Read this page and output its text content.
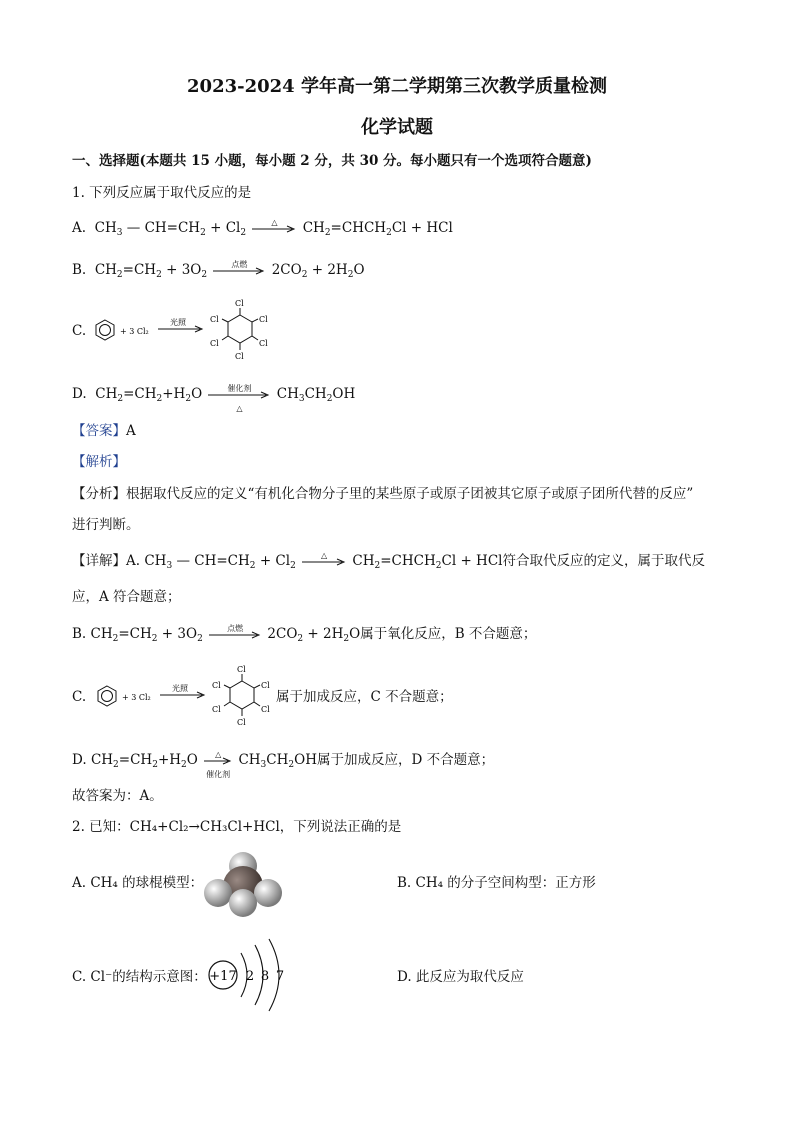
2023-2024 学年高一第二学期第三次教学质量检测
化学试题
一、选择题(本题共 15 小题，每小题 2 分，共 30 分。每小题只有一个选项符合题意)
1. 下列反应属于取代反应的是
A. $CH_3$ — $CH=CH_2 + Cl_2$
△	$CH_2=CHCH_2Cl$ + HCl
B. $CH_2=CH_2 + 3O_2$
点燃	$2CO_2 + 2H_2O$
C.	+ 3 Cl₂
光照
Cl
Cl
Cl
Cl
Cl
Cl
D. $CH_2=CH_2+H_2O$	催化剂
△
$CH_3CH_2OH$
【答案】A
【解析】
【分析】根据取代反应的定义“有机化合物分子里的某些原子或原子团被其它原子或原子团所代替的反应”
进行判断。
【详解】A. $CH_3$ — $CH=CH_2 + Cl_2$
△	$CH_2=CHCH_2Cl$ + HCl符合取代反应的定义，属于取代反
应，A 符合题意；
B. $CH_2=CH_2 + 3O_2$
点燃	$2CO_2 + 2H_2O$属于氧化反应，B 不合题意；
C.	+ 3 Cl₂
光照
Cl
Cl
Cl
Cl
Cl
Cl
属于加成反应，C 不合题意；
D. $CH_2=CH_2+H_2O$	△
催化剂
$CH_3CH_2OH$属于加成反应，D 不合题意；
故答案为：A。
2. 已知：CH₄+Cl₂→CH₃Cl+HCl，下列说法正确的是
A. CH₄ 的球棍模型：	B. CH₄ 的分子空间构型：正方形
C. Cl⁻的结构示意图： +17 2 8 7	D. 此反应为取代反应
